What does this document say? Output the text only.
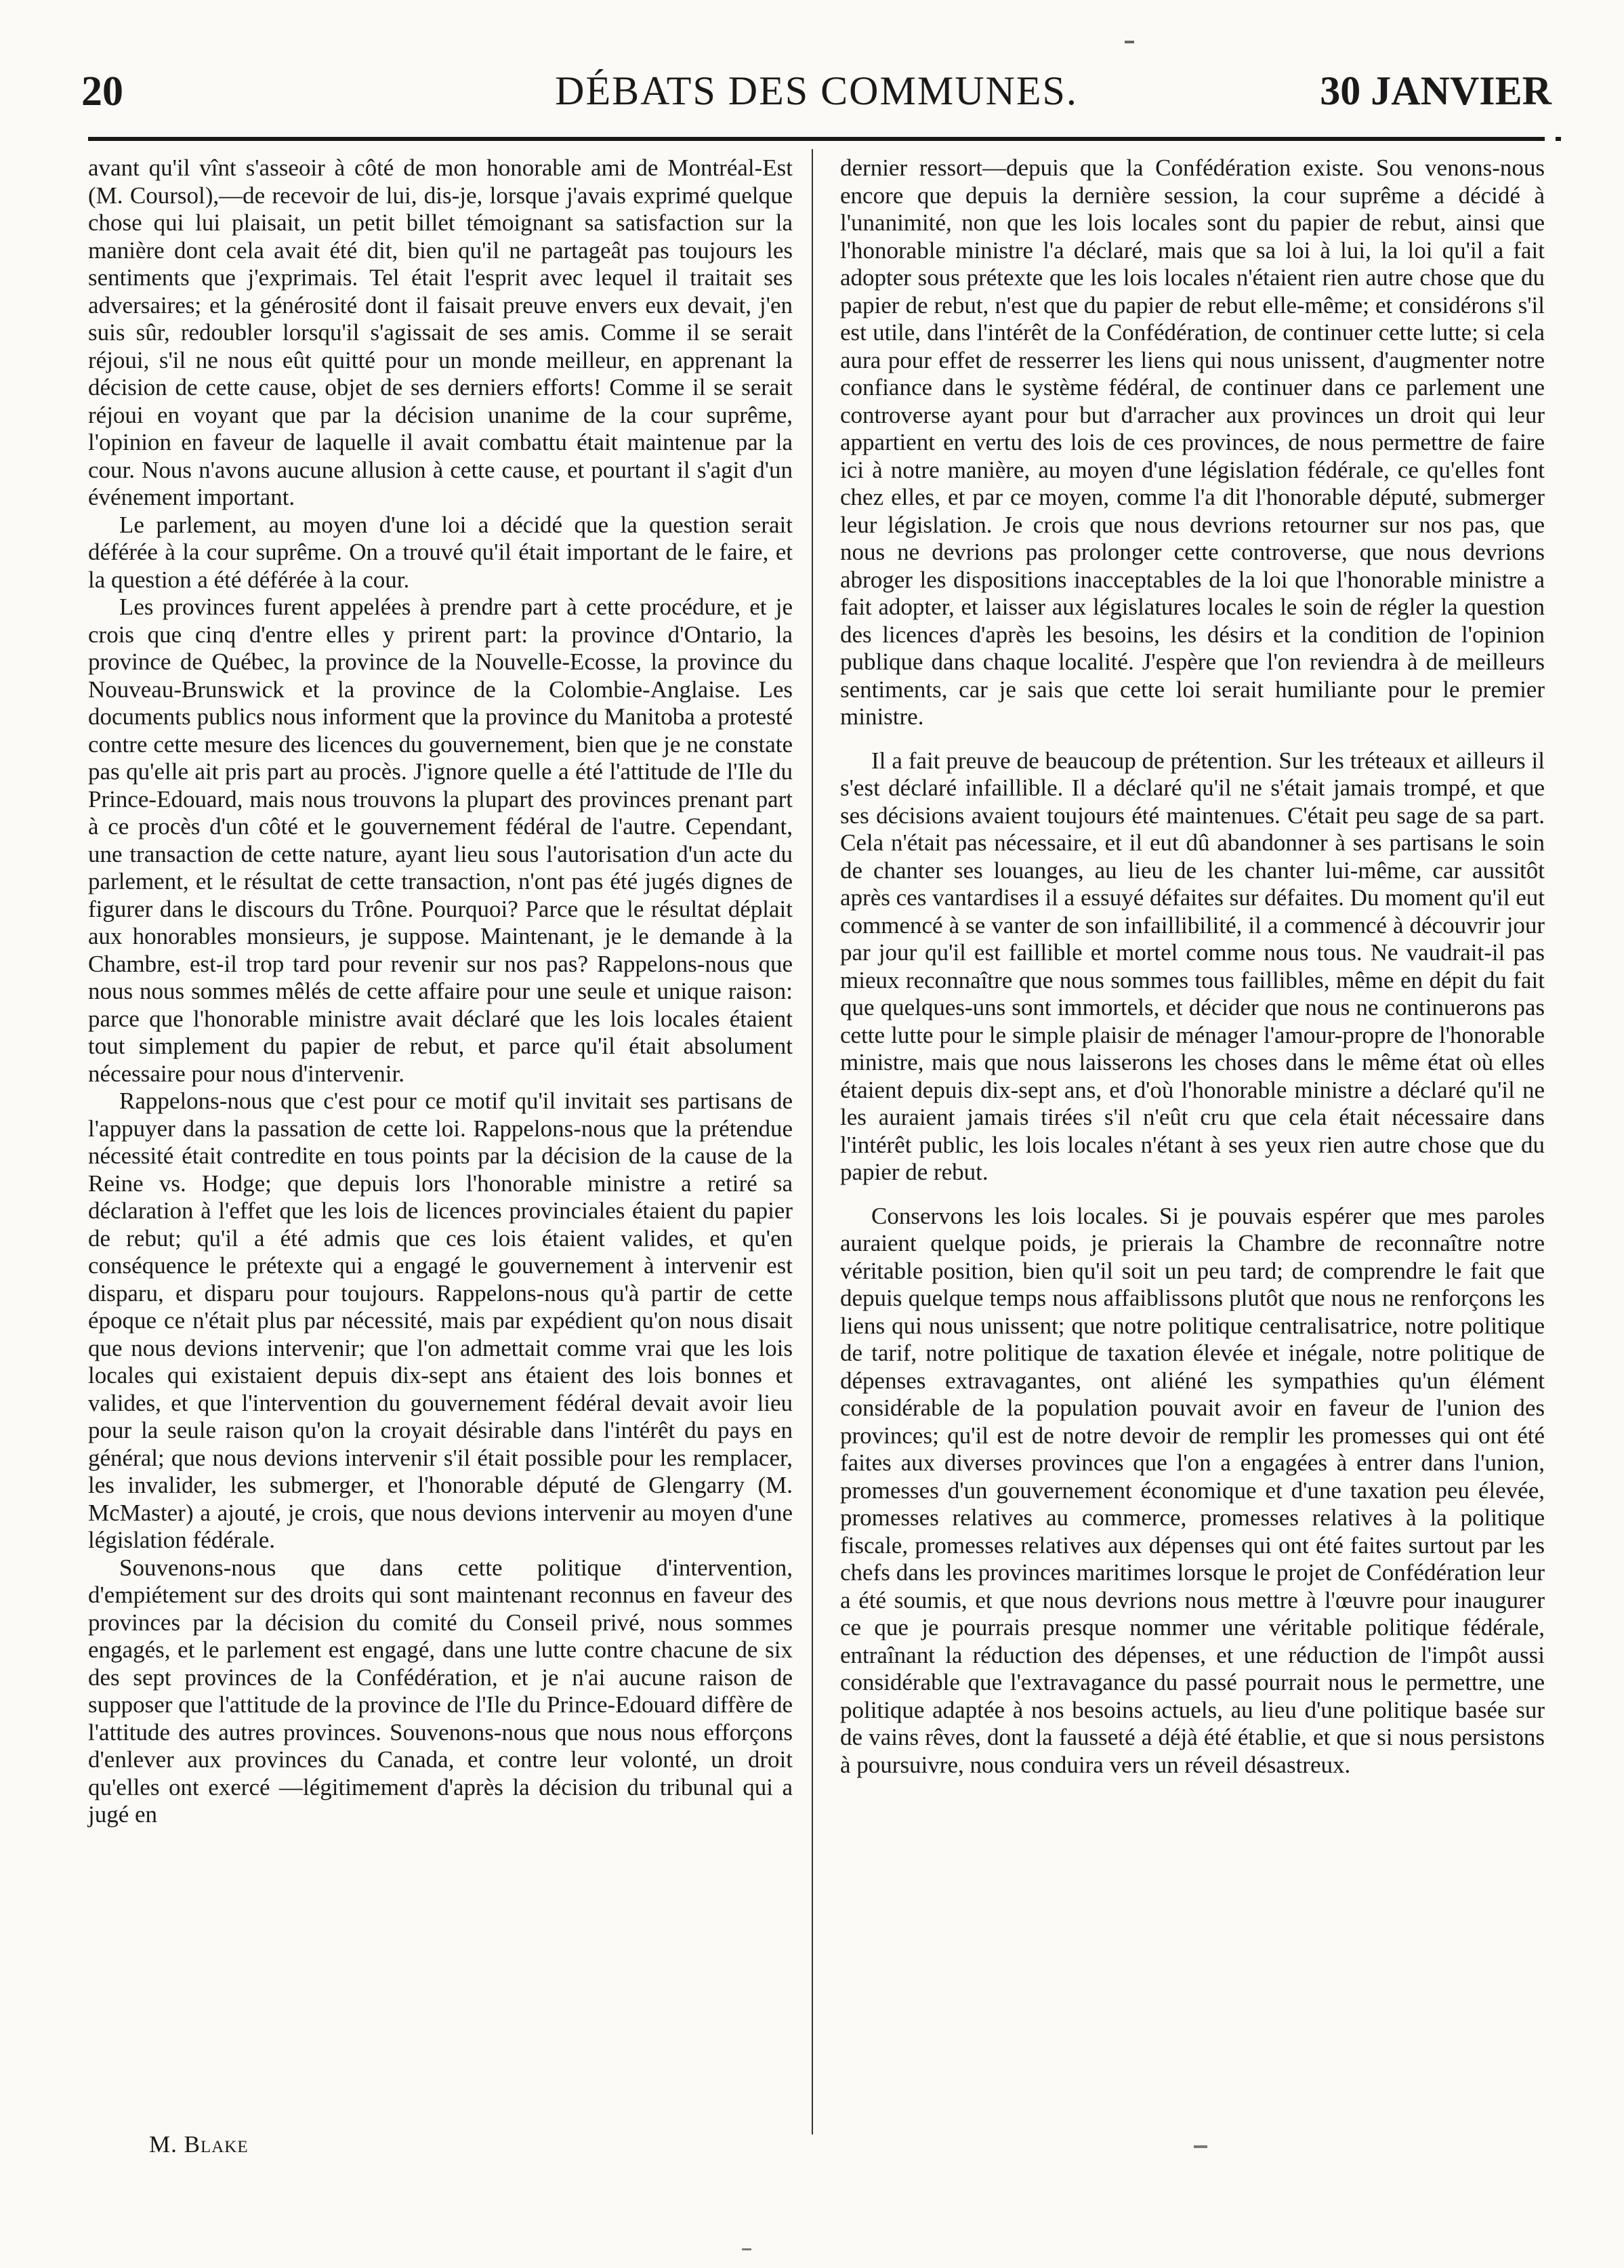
20	DÉBATS DES COMMUNES.	30 JANVIER

avant qu'il vînt s'asseoir à côté de mon honorable ami de Montréal-Est (M. Coursol),—de recevoir de lui, dis-je, lorsque j'avais exprimé quelque chose qui lui plaisait, un petit billet témoignant sa satisfaction sur la manière dont cela avait été dit, bien qu'il ne partageât pas toujours les sentiments que j'exprimais. Tel était l'esprit avec lequel il traitait ses adversaires; et la générosité dont il faisait preuve envers eux devait, j'en suis sûr, redoubler lorsqu'il s'agissait de ses amis. Comme il se serait réjoui, s'il ne nous eût quitté pour un monde meilleur, en apprenant la décision de cette cause, objet de ses derniers efforts! Comme il se serait réjoui en voyant que par la décision unanime de la cour suprême, l'opinion en faveur de laquelle il avait combattu était maintenue par la cour. Nous n'avons aucune allusion à cette cause, et pourtant il s'agit d'un événement important.

Le parlement, au moyen d'une loi a décidé que la question serait déférée à la cour suprême. On a trouvé qu'il était important de le faire, et la question a été déférée à la cour.

Les provinces furent appelées à prendre part à cette procédure, et je crois que cinq d'entre elles y prirent part: la province d'Ontario, la province de Québec, la province de la Nouvelle-Ecosse, la province du Nouveau-Brunswick et la province de la Colombie-Anglaise. Les documents publics nous informent que la province du Manitoba a protesté contre cette mesure des licences du gouvernement, bien que je ne constate pas qu'elle ait pris part au procès. J'ignore quelle a été l'attitude de l'Ile du Prince-Edouard, mais nous trouvons la plupart des provinces prenant part à ce procès d'un côté et le gouvernement fédéral de l'autre. Cependant, une transaction de cette nature, ayant lieu sous l'autorisation d'un acte du parlement, et le résultat de cette transaction, n'ont pas été jugés dignes de figurer dans le discours du Trône. Pourquoi? Parce que le résultat déplait aux honorables monsieurs, je suppose. Maintenant, je le demande à la Chambre, est-il trop tard pour revenir sur nos pas? Rappelons-nous que nous nous sommes mêlés de cette affaire pour une seule et unique raison: parce que l'honorable ministre avait déclaré que les lois locales étaient tout simplement du papier de rebut, et parce qu'il était absolument nécessaire pour nous d'intervenir.

Rappelons-nous que c'est pour ce motif qu'il invitait ses partisans de l'appuyer dans la passation de cette loi. Rappelons-nous que la prétendue nécessité était contredite en tous points par la décision de la cause de la Reine vs. Hodge; que depuis lors l'honorable ministre a retiré sa déclaration à l'effet que les lois de licences provinciales étaient du papier de rebut; qu'il a été admis que ces lois étaient valides, et qu'en conséquence le prétexte qui a engagé le gouvernement à intervenir est disparu, et disparu pour toujours. Rappelons-nous qu'à partir de cette époque ce n'était plus par nécessité, mais par expédient qu'on nous disait que nous devions intervenir; que l'on admettait comme vrai que les lois locales qui existaient depuis dix-sept ans étaient des lois bonnes et valides, et que l'intervention du gouvernement fédéral devait avoir lieu pour la seule raison qu'on la croyait désirable dans l'intérêt du pays en général; que nous devions intervenir s'il était possible pour les remplacer, les invalider, les submerger, et l'honorable député de Glengarry (M. McMaster) a ajouté, je crois, que nous devions intervenir au moyen d'une législation fédérale.

Souvenons-nous que dans cette politique d'intervention, d'empiétement sur des droits qui sont maintenant reconnus en faveur des provinces par la décision du comité du Conseil privé, nous sommes engagés, et le parlement est engagé, dans une lutte contre chacune de six des sept provinces de la Confédération, et je n'ai aucune raison de supposer que l'attitude de la province de l'Ile du Prince-Edouard diffère de l'attitude des autres provinces. Souvenons-nous que nous nous efforçons d'enlever aux provinces du Canada, et contre leur volonté, un droit qu'elles ont exercé —légitimement d'après la décision du tribunal qui a jugé en

dernier ressort—depuis que la Confédération existe. Sou venons-nous encore que depuis la dernière session, la cour suprême a décidé à l'unanimité, non que les lois locales sont du papier de rebut, ainsi que l'honorable ministre l'a déclaré, mais que sa loi à lui, la loi qu'il a fait adopter sous prétexte que les lois locales n'étaient rien autre chose que du papier de rebut, n'est que du papier de rebut elle-même; et considérons s'il est utile, dans l'intérêt de la Confédération, de continuer cette lutte; si cela aura pour effet de resserrer les liens qui nous unissent, d'augmenter notre confiance dans le système fédéral, de continuer dans ce parlement une controverse ayant pour but d'arracher aux provinces un droit qui leur appartient en vertu des lois de ces provinces, de nous permettre de faire ici à notre manière, au moyen d'une législation fédérale, ce qu'elles font chez elles, et par ce moyen, comme l'a dit l'honorable député, submerger leur législation. Je crois que nous devrions retourner sur nos pas, que nous ne devrions pas prolonger cette controverse, que nous devrions abroger les dispositions inacceptables de la loi que l'honorable ministre a fait adopter, et laisser aux législatures locales le soin de régler la question des licences d'après les besoins, les désirs et la condition de l'opinion publique dans chaque localité. J'espère que l'on reviendra à de meilleurs sentiments, car je sais que cette loi serait humiliante pour le premier ministre.

Il a fait preuve de beaucoup de prétention. Sur les tréteaux et ailleurs il s'est déclaré infaillible. Il a déclaré qu'il ne s'était jamais trompé, et que ses décisions avaient toujours été maintenues. C'était peu sage de sa part. Cela n'était pas nécessaire, et il eut dû abandonner à ses partisans le soin de chanter ses louanges, au lieu de les chanter lui-même, car aussitôt après ces vantardises il a essuyé défaites sur défaites. Du moment qu'il eut commencé à se vanter de son infaillibilité, il a commencé à découvrir jour par jour qu'il est faillible et mortel comme nous tous. Ne vaudrait-il pas mieux reconnaître que nous sommes tous faillibles, même en dépit du fait que quelques-uns sont immortels, et décider que nous ne continuerons pas cette lutte pour le simple plaisir de ménager l'amour-propre de l'honorable ministre, mais que nous laisserons les choses dans le même état où elles étaient depuis dix-sept ans, et d'où l'honorable ministre a déclaré qu'il ne les auraient jamais tirées s'il n'eût cru que cela était nécessaire dans l'intérêt public, les lois locales n'étant à ses yeux rien autre chose que du papier de rebut.

Conservons les lois locales. Si je pouvais espérer que mes paroles auraient quelque poids, je prierais la Chambre de reconnaître notre véritable position, bien qu'il soit un peu tard; de comprendre le fait que depuis quelque temps nous affaiblissons plutôt que nous ne renforçons les liens qui nous unissent; que notre politique centralisatrice, notre politique de tarif, notre politique de taxation élevée et inégale, notre politique de dépenses extravagantes, ont aliéné les sympathies qu'un élément considérable de la population pouvait avoir en faveur de l'union des provinces; qu'il est de notre devoir de remplir les promesses qui ont été faites aux diverses provinces que l'on a engagées à entrer dans l'union, promesses d'un gouvernement économique et d'une taxation peu élevée, promesses relatives au commerce, promesses relatives à la politique fiscale, promesses relatives aux dépenses qui ont été faites surtout par les chefs dans les provinces maritimes lorsque le projet de Confédération leur a été soumis, et que nous devrions nous mettre à l'œuvre pour inaugurer ce que je pourrais presque nommer une véritable politique fédérale, entraînant la réduction des dépenses, et une réduction de l'impôt aussi considérable que l'extravagance du passé pourrait nous le permettre, une politique adaptée à nos besoins actuels, au lieu d'une politique basée sur de vains rêves, dont la fausseté a déjà été établie, et que si nous persistons à poursuivre, nous conduira vers un réveil désastreux.

M. Blake
